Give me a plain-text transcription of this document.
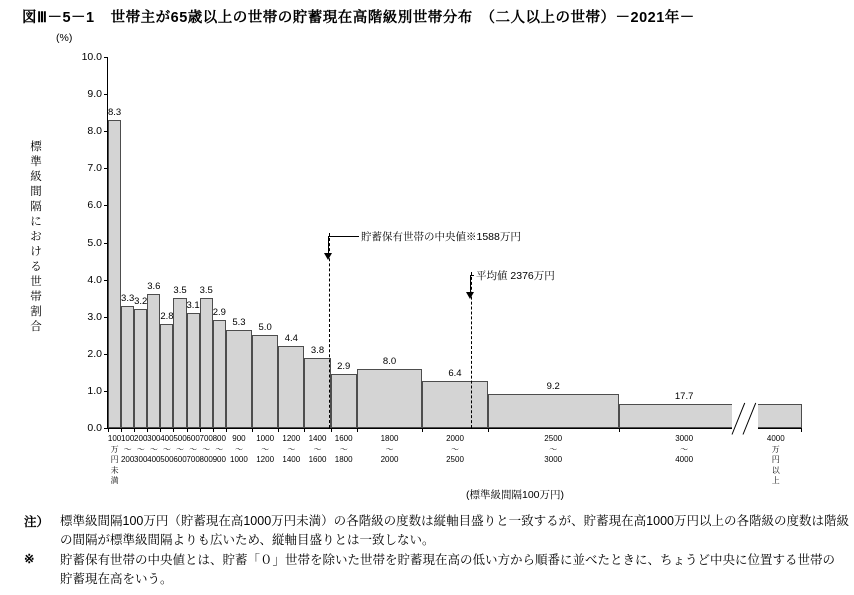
図Ⅲ－5－1 世帯主が65歳以上の世帯の貯蓄現在高階級別世帯分布　（二人以上の世帯）－2021年－
(%)
標準級間隔における世帯割合
8.3
3.3 3.2
3.6
2.8
3.5
3.1
3.5
2.9
5.3
5.0
4.4
3.8
2.9
8.0
6.4
9.2
17.7
100
万
円
未
満
100
～
200
200
～
300
300
～
400
400
～
500
500
～
600
600
～
700
700
～
800
800
～
900
900
～
1000
1000
～
1200
1200
～
1400
1400
～
1600
1600
～
1800
1800
～
2000
2000
～
2500
2500
～
3000
3000
～
4000
4000
万
円
以
上
0.0
1.0
2.0
3.0
4.0
5.0
6.0
7.0
8.0
9.0
10.0
(標準級間隔100万円)
注） 標準級間隔100万円（貯蓄現在高1000万円未満）の各階級の度数は縦軸目盛りと一致するが、貯蓄現在高1000万円以上の各階級の度数は階級の間隔が標準級間隔よりも広いため、縦軸目盛りとは一致しない。
※ 貯蓄保有世帯の中央値とは、貯蓄「０」世帯を除いた世帯を貯蓄現在高の低い方から順番に並べたときに、ちょうど中央に位置する世帯の貯蓄現在高をいう。
貯蓄保有世帯の中央値※1588万円
平均値 2376万円
